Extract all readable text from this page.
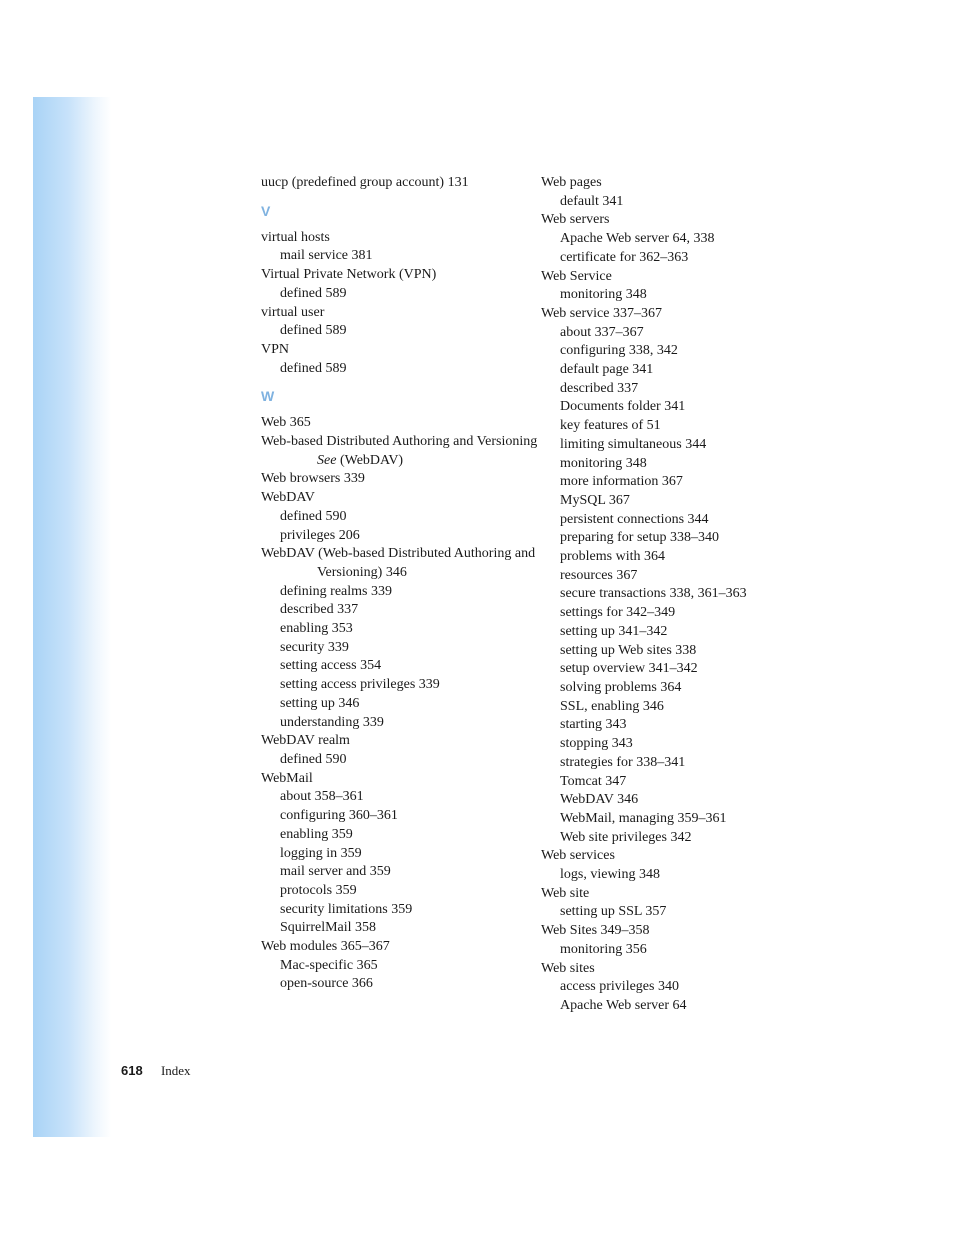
uucp (predefined group account) 131
V
virtual hosts
mail service 381
Virtual Private Network (VPN)
defined 589
virtual user
defined 589
VPN
defined 589
W
Web 365
Web-based Distributed Authoring and Versioning
See (WebDAV)
Web browsers 339
WebDAV
defined 590
privileges 206
WebDAV (Web-based Distributed Authoring and
Versioning) 346
defining realms 339
described 337
enabling 353
security 339
setting access 354
setting access privileges 339
setting up 346
understanding 339
WebDAV realm
defined 590
WebMail
about 358–361
configuring 360–361
enabling 359
logging in 359
mail server and 359
protocols 359
security limitations 359
SquirrelMail 358
Web modules 365–367
Mac-specific 365
open-source 366
Web pages
default 341
Web servers
Apache Web server 64, 338
certificate for 362–363
Web Service
monitoring 348
Web service 337–367
about 337–367
configuring 338, 342
default page 341
described 337
Documents folder 341
key features of 51
limiting simultaneous 344
monitoring 348
more information 367
MySQL 367
persistent connections 344
preparing for setup 338–340
problems with 364
resources 367
secure transactions 338, 361–363
settings for 342–349
setting up 341–342
setting up Web sites 338
setup overview 341–342
solving problems 364
SSL, enabling 346
starting 343
stopping 343
strategies for 338–341
Tomcat 347
WebDAV 346
WebMail, managing 359–361
Web site privileges 342
Web services
logs, viewing 348
Web site
setting up SSL 357
Web Sites 349–358
monitoring 356
Web sites
access privileges 340
Apache Web server 64
618 Index
